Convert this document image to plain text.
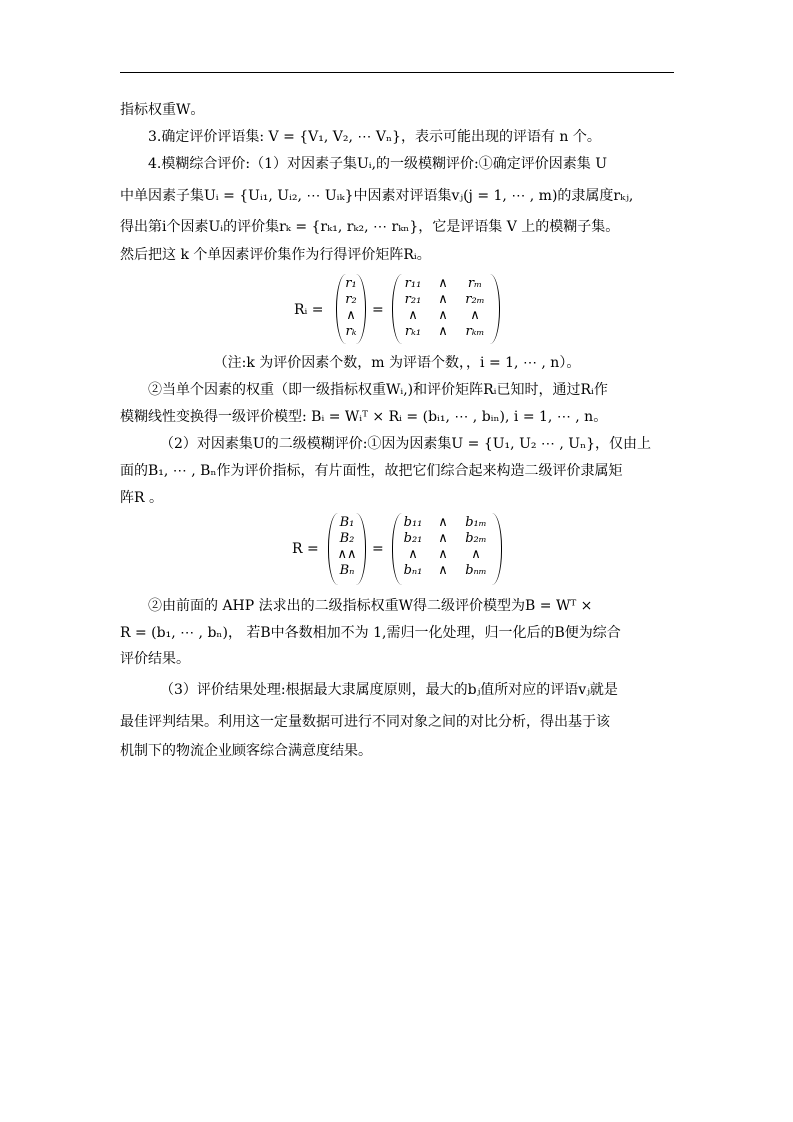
指标权重W。
3.确定评价评语集: V = {V₁, V₂, ⋯ Vₙ}，表示可能出现的评语有 n 个。
4.模糊综合评价:（1）对因素子集Uᵢ,的一级模糊评价:①确定评价因素集 U
中单因素子集Uᵢ = {Uᵢ₁, Uᵢ₂, ⋯ Uᵢₖ}中因素对评语集vⱼ(j = 1, ⋯ , m)的隶属度rₖⱼ,
得出第i个因素Uᵢ的评价集rₖ = {rₖ₁, rₖ₂, ⋯ rₖₙ}，它是评语集 V 上的模糊子集。
然后把这 k 个单因素评价集作为行得评价矩阵Rᵢ。
Rᵢ =
r₁
r₂
∧
rₖ
=
r₁₁	∧	rₘ
r₂₁	∧	r₂ₘ
∧	∧	∧
rₖ₁	∧	rₖₘ
（注:k 为评价因素个数，m 为评语个数，，i = 1, ⋯ , n）。
②当单个因素的权重（即一级指标权重Wᵢ,)和评价矩阵Rᵢ已知时，通过Rᵢ作
模糊线性变换得一级评价模型: Bᵢ = Wᵢᵀ × Rᵢ = (bᵢ₁, ⋯ , bᵢₙ), i = 1, ⋯ , n。
（2）对因素集U的二级模糊评价:①因为因素集U = {U₁, U₂ ⋯ , Uₙ}，仅由上
面的B₁, ⋯ , Bₙ作为评价指标，有片面性，故把它们综合起来构造二级评价隶属矩
阵R 。
R =
B₁
B₂
∧∧
Bₙ
=
b₁₁	∧	b₁ₘ
b₂₁	∧	b₂ₘ
∧	∧	∧
bₙ₁	∧	bₙₘ
②由前面的 AHP 法求出的二级指标权重W得二级评价模型为B = Wᵀ ×
R = (b₁, ⋯ , bₙ)， 若B中各数相加不为 1,需归一化处理，归一化后的B便为综合
评价结果。
（3）评价结果处理:根据最大隶属度原则，最大的bⱼ值所对应的评语vⱼ就是
最佳评判结果。利用这一定量数据可进行不同对象之间的对比分析，得出基于该
机制下的物流企业顾客综合满意度结果。
